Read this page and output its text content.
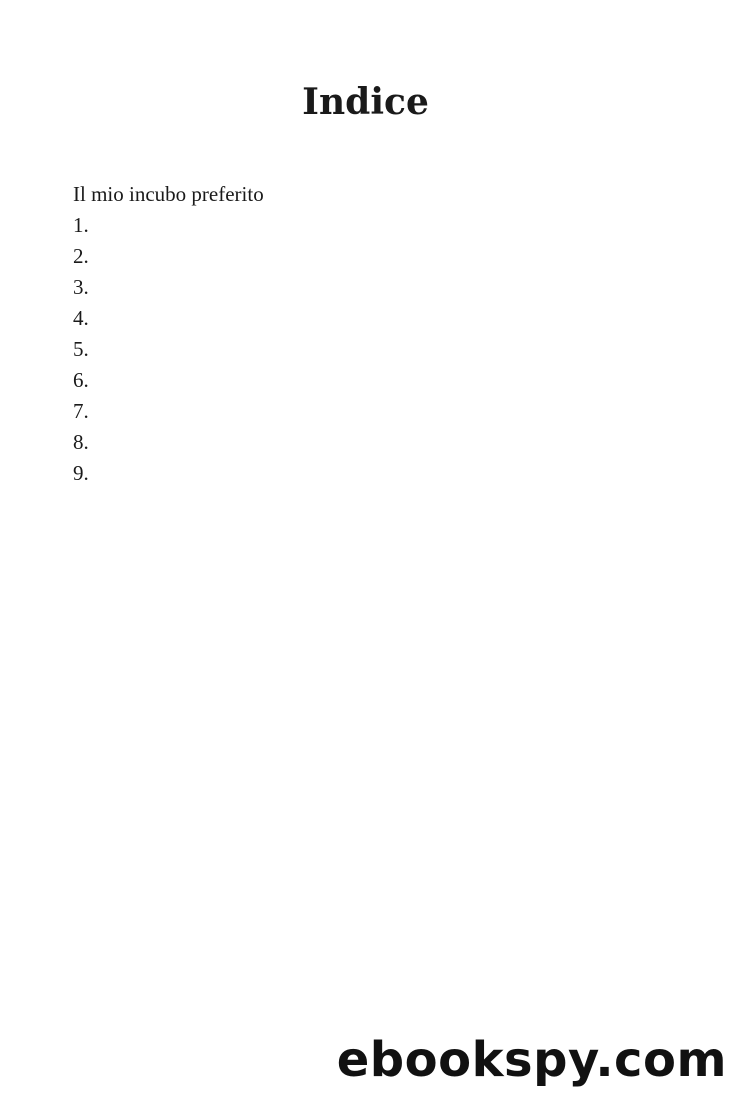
Indice
Il mio incubo preferito
1.
2.
3.
4.
5.
6.
7.
8.
9.
ebookspy.com
